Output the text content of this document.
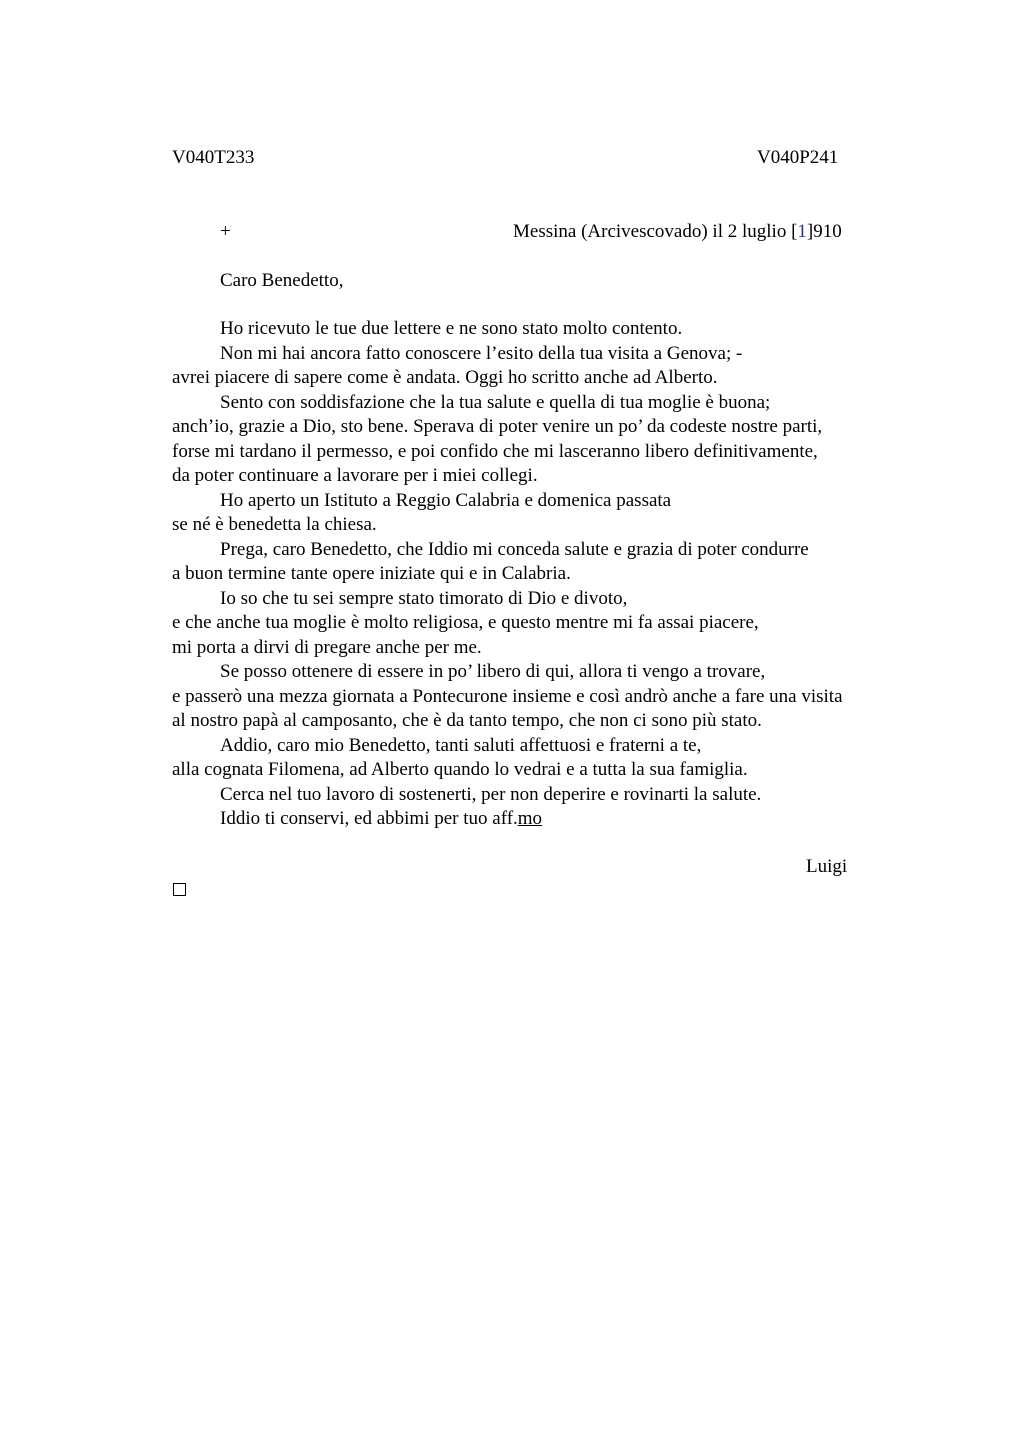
V040T233	V040P241
+	Messina (Arcivescovado) il 2 luglio [1]910
Caro Benedetto,
Ho ricevuto le tue due lettere e ne sono stato molto contento.
Non mi hai ancora fatto conoscere l’esito della tua visita a Genova; -
avrei piacere di sapere come è andata. Oggi ho scritto anche ad Alberto.
Sento con soddisfazione che la tua salute e quella di tua moglie è buona;
anch’io, grazie a Dio, sto bene. Sperava di poter venire un po’ da codeste nostre parti,
forse mi tardano il permesso, e poi confido che mi lasceranno libero definitivamente,
da poter continuare a lavorare per i miei collegi.
Ho aperto un Istituto a Reggio Calabria e domenica passata
se né è benedetta la chiesa.
Prega, caro Benedetto, che Iddio mi conceda salute e grazia di poter condurre
a buon termine tante opere iniziate qui e in Calabria.
Io so che tu sei sempre stato timorato di Dio e divoto,
e che anche tua moglie è molto religiosa, e questo mentre mi fa assai piacere,
mi porta a dirvi di pregare anche per me.
Se posso ottenere di essere in po’ libero di qui, allora ti vengo a trovare,
e passerò una mezza giornata a Pontecurone insieme e così andrò anche a fare una visita
al nostro papà al camposanto, che è da tanto tempo, che non ci sono più stato.
Addio, caro mio Benedetto, tanti saluti affettuosi e fraterni a te,
alla cognata Filomena, ad Alberto quando lo vedrai e a tutta la sua famiglia.
Cerca nel tuo lavoro di sostenerti, per non deperire e rovinarti la salute.
Iddio ti conservi, ed abbimi per tuo aff.mo
Luigi
